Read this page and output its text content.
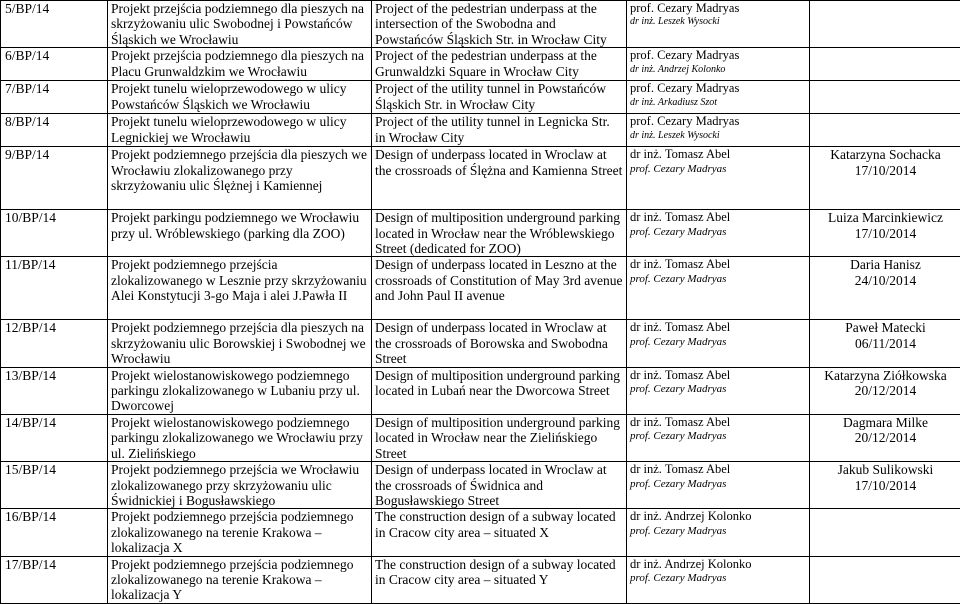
5/BP/14	Projekt przejścia podziemnego dla pieszych na skrzyżowaniu ulic Swobodnej i Powstańców Śląskich we Wrocławiu	Project of the pedestrian underpass at the intersection of the Swobodna and Powstańców Śląskich Str. in Wrocław City	prof. Cezary Madryas
dr inż. Leszek Wysocki	

6/BP/14	Projekt przejścia podziemnego dla pieszych na Placu Grunwaldzkim we Wrocławiu	Project of the pedestrian underpass at the Grunwaldzki Square in Wrocław City	prof. Cezary Madryas
dr inż. Andrzej Kolonko	

7/BP/14	Projekt tunelu wieloprzewodowego w ulicy Powstańców Śląskich we Wrocławiu	Project of the utility tunnel in Powstańców Śląskich Str. in Wrocław City	prof. Cezary Madryas
dr inż. Arkadiusz Szot	

8/BP/14	Projekt tunelu wieloprzewodowego w ulicy Legnickiej we Wrocławiu	Project of the utility tunnel in Legnicka Str. in Wrocław City	prof. Cezary Madryas
dr inż. Leszek Wysocki	

9/BP/14	Projekt podziemnego przejścia dla pieszych we Wrocławiu zlokalizowanego przy skrzyżowaniu ulic Ślężnej i Kamiennej	Design of underpass located in Wroclaw at the crossroads of Ślężna and Kamienna Street	dr inż. Tomasz Abel
prof. Cezary Madryas	Katarzyna Sochacka
17/10/2014

10/BP/14	Projekt parkingu podziemnego we Wrocławiu przy ul. Wróblewskiego (parking dla ZOO)	Design of multiposition underground parking located in Wrocław near the Wróblewskiego Street (dedicated for ZOO)	dr inż. Tomasz Abel
prof. Cezary Madryas	Luiza Marcinkiewicz
17/10/2014

11/BP/14	Projekt podziemnego przejścia zlokalizowanego w Lesznie przy skrzyżowaniu Alei Konstytucji 3-go Maja i alei J.Pawła II	Design of underpass located in Leszno at the crossroads of Constitution of May 3rd avenue and John Paul II avenue	dr inż. Tomasz Abel
prof. Cezary Madryas	Daria Hanisz
24/10/2014

12/BP/14	Projekt podziemnego przejścia dla pieszych na skrzyżowaniu ulic Borowskiej i Swobodnej we Wrocławiu	Design of underpass located in Wroclaw at the crossroads of Borowska and Swobodna Street	dr inż. Tomasz Abel
prof. Cezary Madryas	Paweł Matecki
06/11/2014

13/BP/14	Projekt wielostanowiskowego podziemnego parkingu zlokalizowanego w Lubaniu przy ul. Dworcowej	Design of multiposition underground parking located in Lubań near the Dworcowa Street	dr inż. Tomasz Abel
prof. Cezary Madryas	Katarzyna Ziółkowska
20/12/2014

14/BP/14	Projekt wielostanowiskowego podziemnego parkingu zlokalizowanego we Wrocławiu przy ul. Zielińskiego	Design of multiposition underground parking located in Wrocław near the Zielińskiego Street	dr inż. Tomasz Abel
prof. Cezary Madryas	Dagmara Milke
20/12/2014

15/BP/14	Projekt podziemnego przejścia we Wrocławiu zlokalizowanego przy skrzyżowaniu ulic Świdnickiej i Bogusławskiego	Design of underpass located in Wroclaw at the crossroads of Świdnica and Bogusławskiego Street	dr inż. Tomasz Abel
prof. Cezary Madryas	Jakub Sulikowski
17/10/2014

16/BP/14	Projekt podziemnego przejścia podziemnego zlokalizowanego na terenie Krakowa – lokalizacja X	The construction design of a subway located in Cracow city area – situated X	dr inż. Andrzej Kolonko
prof. Cezary Madryas	

17/BP/14	Projekt podziemnego przejścia podziemnego zlokalizowanego na terenie Krakowa – lokalizacja Y	The construction design of a subway located in Cracow city area – situated Y	dr inż. Andrzej Kolonko
prof. Cezary Madryas	
